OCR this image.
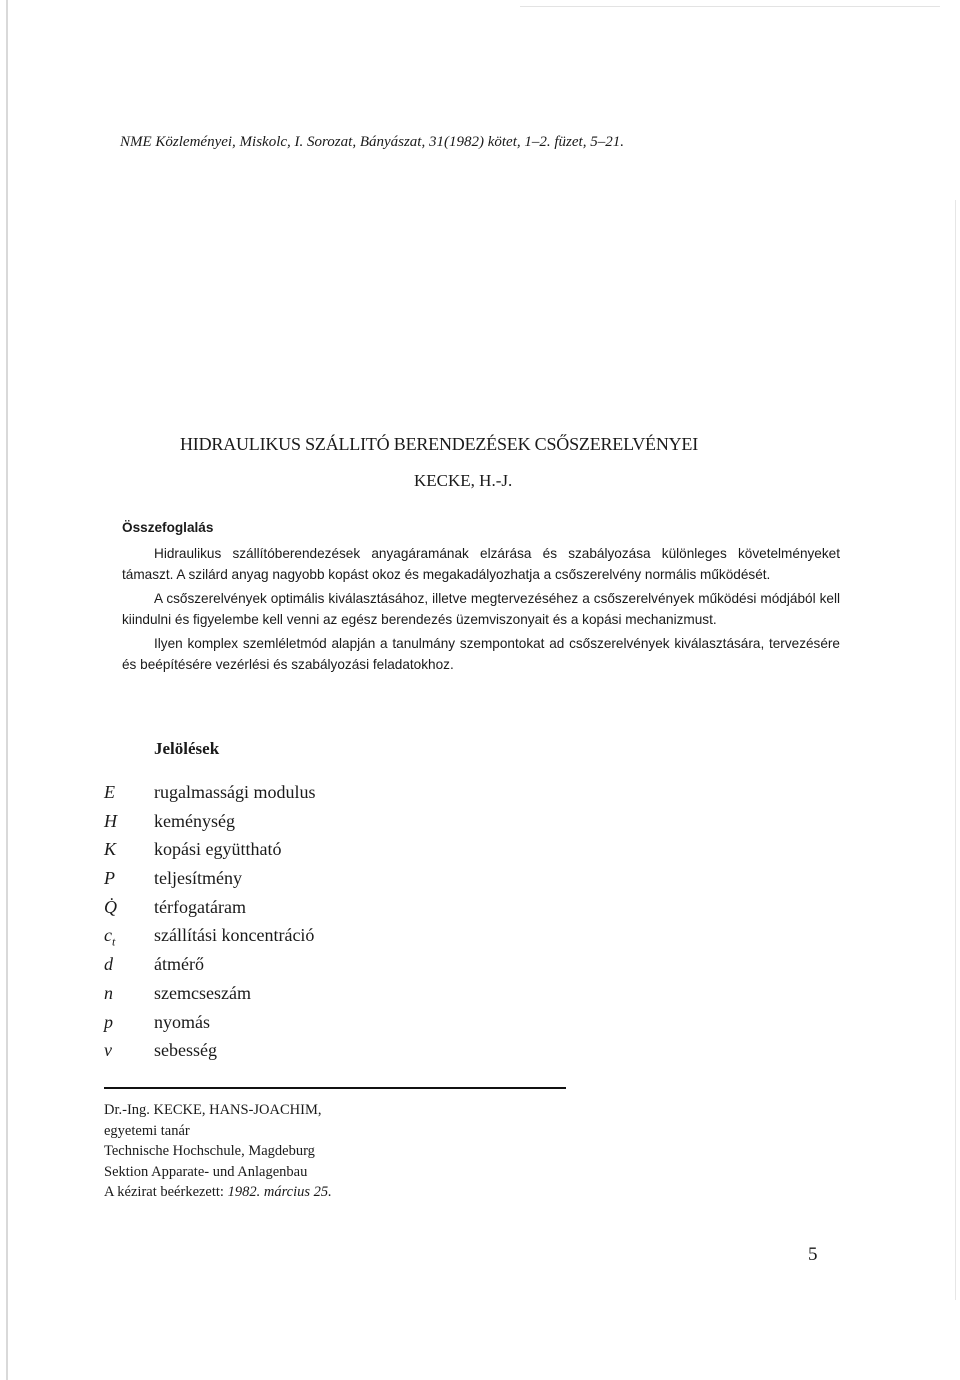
NME Közleményei, Miskolc, I. Sorozat, Bányászat, 31(1982) kötet, 1–2. füzet, 5–21.
HIDRAULIKUS SZÁLLITÓ BERENDEZÉSEK CSŐSZERELVÉNYEI
KECKE, H.-J.
Összefoglalás

Hidraulikus szállítóberendezések anyagáramának elzárása és szabályozása különleges követelményeket támaszt. A szilárd anyag nagyobb kopást okoz és megakadályozhatja a csőszerelvény normális működését.

A csőszerelvények optimális kiválasztásához, illetve megtervezéséhez a csőszerelvények működési módjából kell kiindulni és figyelembe kell venni az egész berendezés üzemviszonyait és a kopási mechanizmust.

Ilyen komplex szemléletmód alapján a tanulmány szempontokat ad csőszerelvények kiválasztására, tervezésére és beépítésére vezérlési és szabályozási feladatokhoz.

Jelölések
E	rugalmassági modulus
H	keménység
K	kopási együttható
P	teljesítmény
Q̇	térfogatáram
$c_t$	szállítási koncentráció
d	átmérő
n	szemcseszám
p	nyomás
v	sebesség
Dr.-Ing. KECKE, HANS-JOACHIM,
egyetemi tanár
Technische Hochschule, Magdeburg
Sektion Apparate- und Anlagenbau
A kézirat beérkezett: 1982. március 25.
5
